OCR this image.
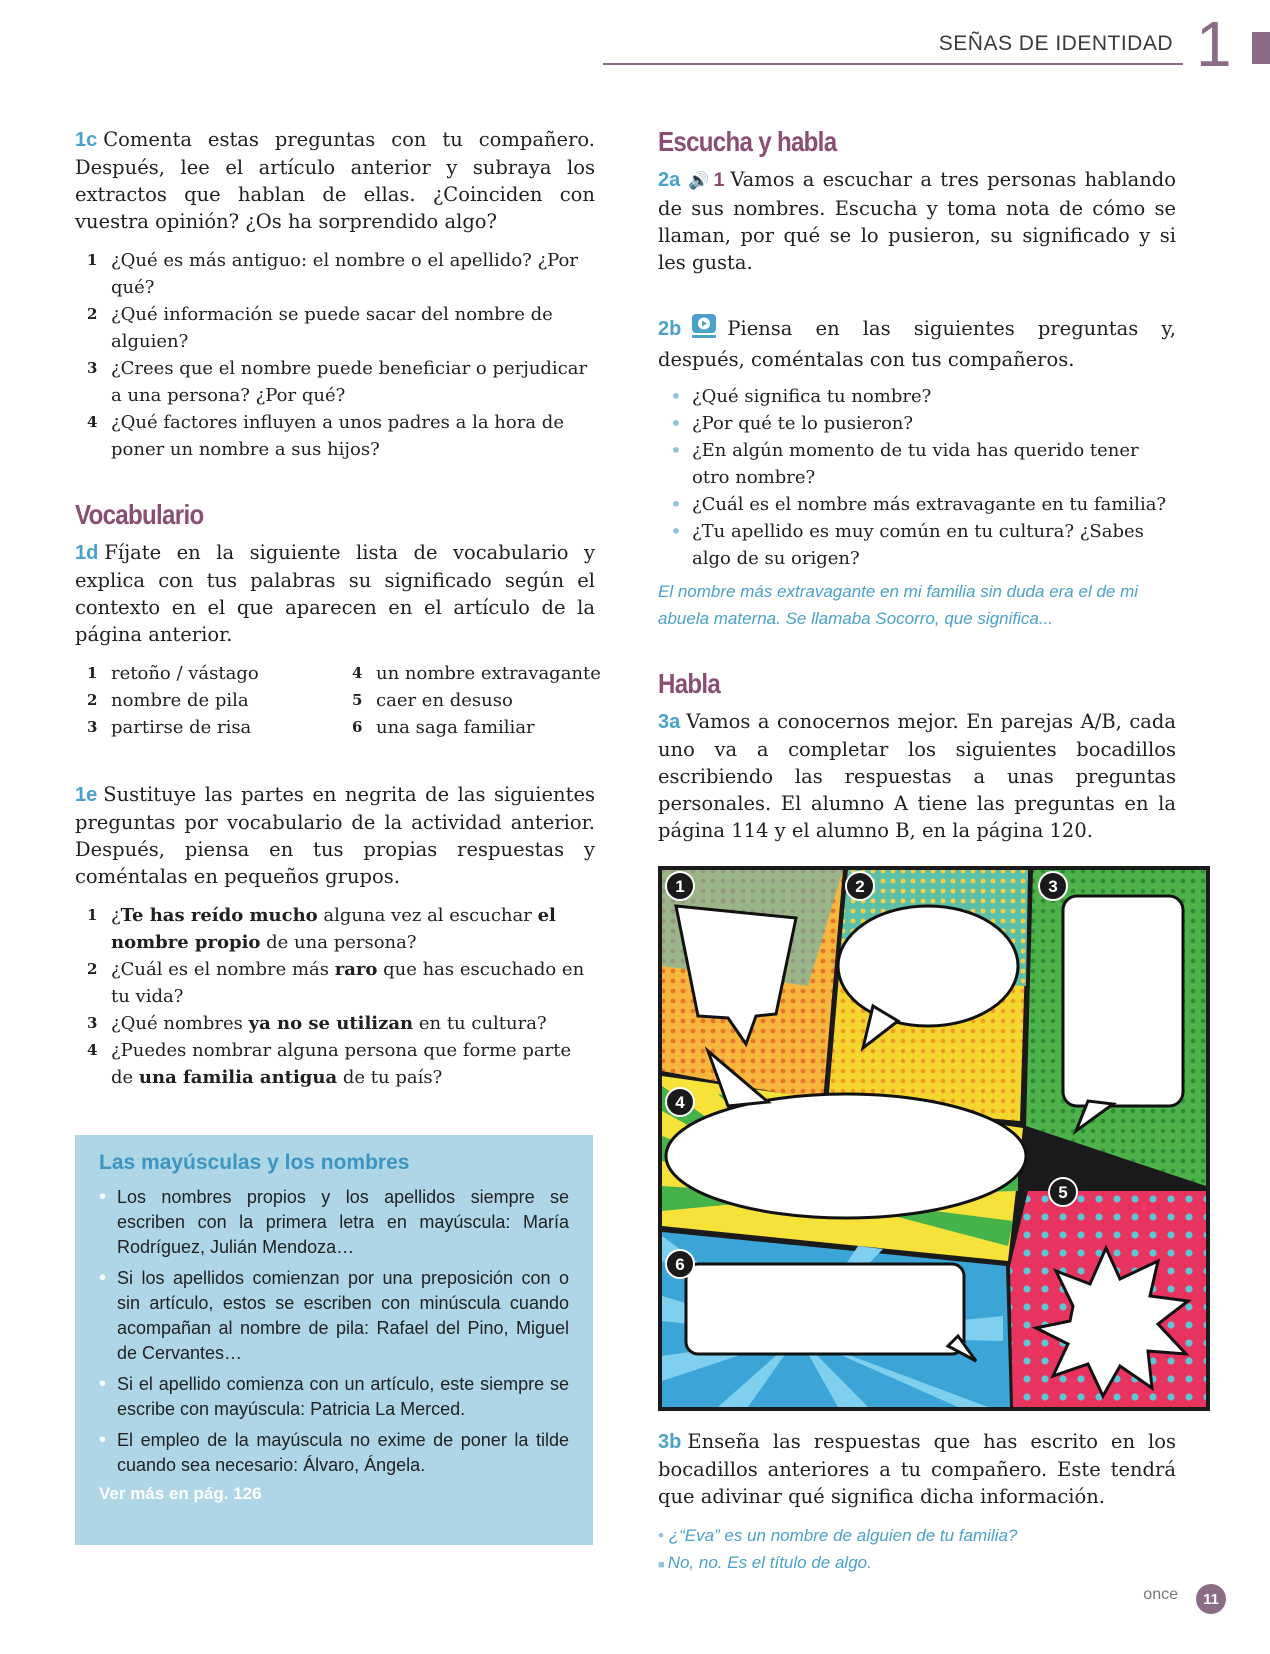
SEÑAS DE IDENTIDAD 1

1c Comenta estas preguntas con tu compañero. Después, lee el artículo anterior y subraya los extractos que hablan de ellas. ¿Coinciden con vuestra opinión? ¿Os ha sorprendido algo?

1 ¿Qué es más antiguo: el nombre o el apellido? ¿Por qué?
2 ¿Qué información se puede sacar del nombre de alguien?
3 ¿Crees que el nombre puede beneficiar o perjudicar a una persona? ¿Por qué?
4 ¿Qué factores influyen a unos padres a la hora de poner un nombre a sus hijos?
Vocabulario

1d Fíjate en la siguiente lista de vocabulario y explica con tus palabras su significado según el contexto en el que aparecen en el artículo de la página anterior.

1 retoño / vástago	4 un nombre extravagante
2 nombre de pila	5 caer en desuso
3 partirse de risa	6 una saga familiar

1e Sustituye las partes en negrita de las siguientes preguntas por vocabulario de la actividad anterior. Después, piensa en tus propias respuestas y coméntalas en pequeños grupos.

1 ¿Te has reído mucho alguna vez al escuchar el nombre propio de una persona?
2 ¿Cuál es el nombre más raro que has escuchado en tu vida?
3 ¿Qué nombres ya no se utilizan en tu cultura?
4 ¿Puedes nombrar alguna persona que forme parte de una familia antigua de tu país?
Las mayúsculas y los nombres
• Los nombres propios y los apellidos siempre se escriben con la primera letra en mayúscula: María Rodríguez, Julián Mendoza…
• Si los apellidos comienzan por una preposición con o sin artículo, estos se escriben con minúscula cuando acompañan al nombre de pila: Rafael del Pino, Miguel de Cervantes…
• Si el apellido comienza con un artículo, este siempre se escribe con mayúscula: Patricia La Merced.
• El empleo de la mayúscula no exime de poner la tilde cuando sea necesario: Álvaro, Ángela.
Ver más en pág. 126
Escucha y habla

2a 🔊 1 Vamos a escuchar a tres personas hablando de sus nombres. Escucha y toma nota de cómo se llaman, por qué se lo pusieron, su significado y si les gusta.

2b Piensa en las siguientes preguntas y, después, coméntalas con tus compañeros.

• ¿Qué significa tu nombre?
• ¿Por qué te lo pusieron?
• ¿En algún momento de tu vida has querido tener otro nombre?
• ¿Cuál es el nombre más extravagante en tu familia?
• ¿Tu apellido es muy común en tu cultura? ¿Sabes algo de su origen?

El nombre más extravagante en mi familia sin duda era el de mi abuela materna. Se llamaba Socorro, que significa...

Habla

3a Vamos a conocernos mejor. En parejas A/B, cada uno va a completar los siguientes bocadillos escribiendo las respuestas a unas preguntas personales. El alumno A tiene las preguntas en la página 114 y el alumno B, en la página 120.

1	2	3
4
5
6

3b Enseña las respuestas que has escrito en los bocadillos anteriores a tu compañero. Este tendrá que adivinar qué significa dicha información.

• ¿“Eva” es un nombre de alguien de tu familia?
■ No, no. Es el título de algo.
once	11
